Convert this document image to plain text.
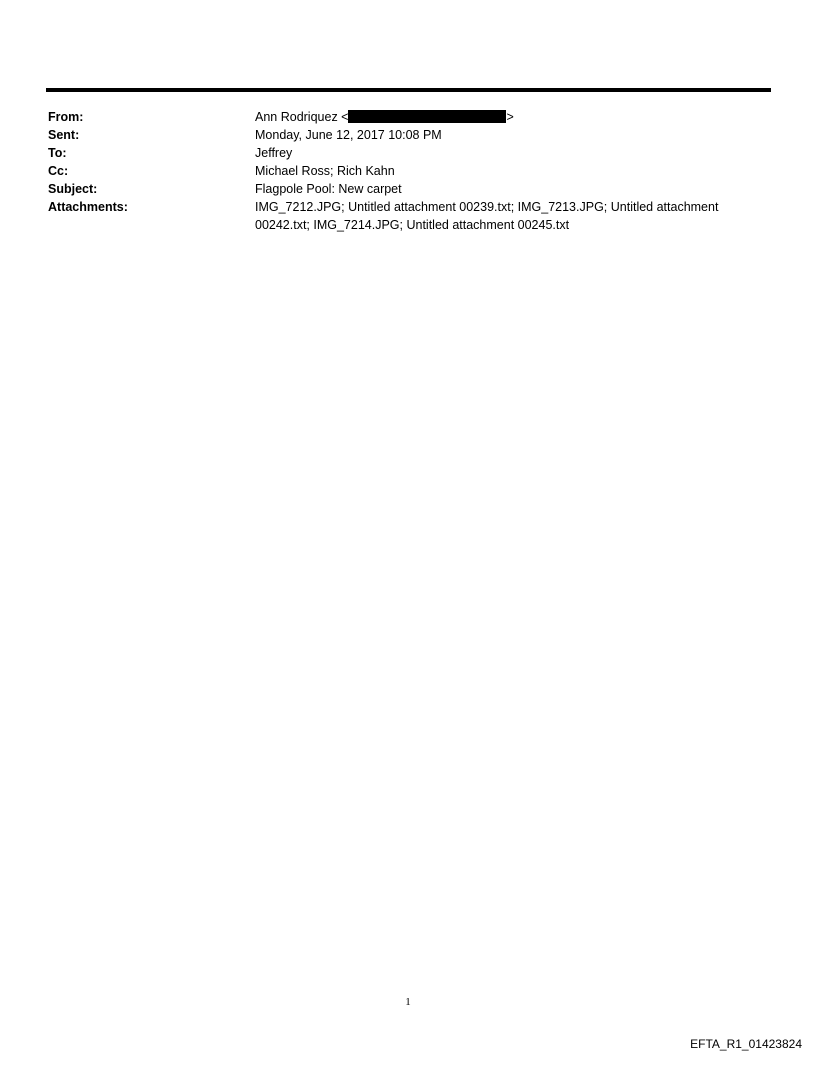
From:	Ann Rodriquez <	>
Sent:	Monday, June 12, 2017 10:08 PM
To:	Jeffrey
Cc:	Michael Ross; Rich Kahn
Subject:	Flagpole Pool: New carpet
Attachments:	IMG_7212.JPG; Untitled attachment 00239.txt; IMG_7213.JPG; Untitled attachment
00242.txt; IMG_7214.JPG; Untitled attachment 00245.txt
1
EFTA_R1_01423824
